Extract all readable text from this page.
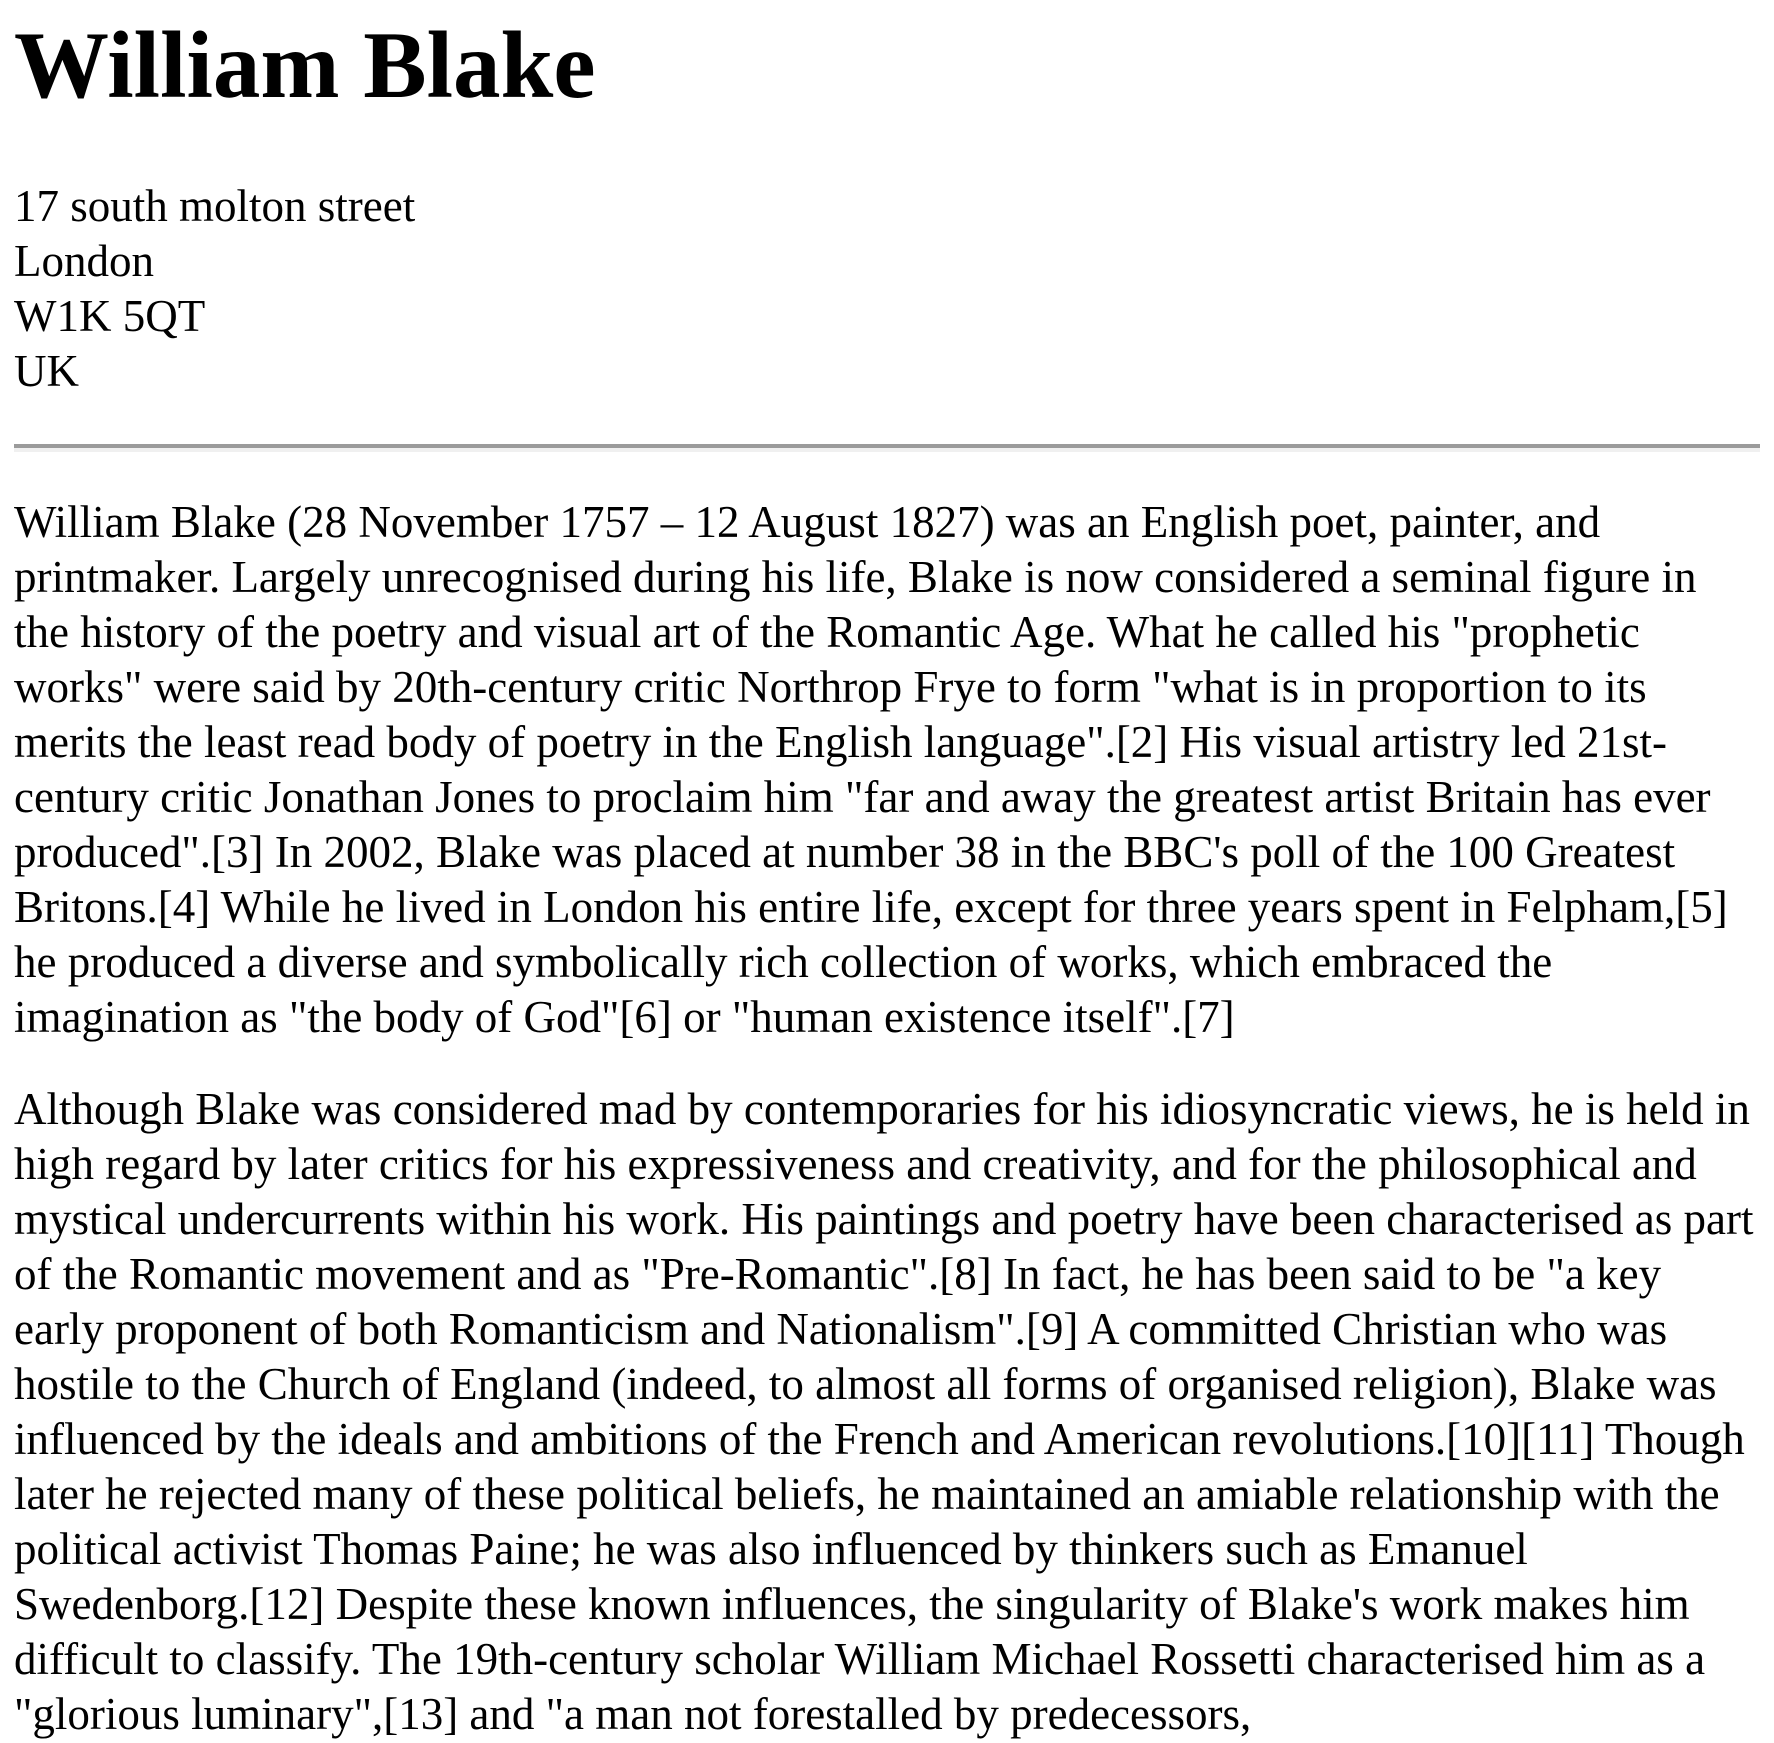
William Blake
17 south molton street
London
W1K 5QT
UK

William Blake (28 November 1757 – 12 August 1827) was an English poet, painter, and printmaker. Largely unrecognised during his life, Blake is now considered a seminal figure in the history of the poetry and visual art of the Romantic Age. What he called his "prophetic works" were said by 20th-century critic Northrop Frye to form "what is in proportion to its merits the least read body of poetry in the English language".[2] His visual artistry led 21st-century critic Jonathan Jones to proclaim him "far and away the greatest artist Britain has ever produced".[3] In 2002, Blake was placed at number 38 in the BBC's poll of the 100 Greatest Britons.[4] While he lived in London his entire life, except for three years spent in Felpham,[5] he produced a diverse and symbolically rich collection of works, which embraced the imagination as "the body of God"[6] or "human existence itself".[7]

Although Blake was considered mad by contemporaries for his idiosyncratic views, he is held in high regard by later critics for his expressiveness and creativity, and for the philosophical and mystical undercurrents within his work. His paintings and poetry have been characterised as part of the Romantic movement and as "Pre-Romantic".[8] In fact, he has been said to be "a key early proponent of both Romanticism and Nationalism".[9] A committed Christian who was hostile to the Church of England (indeed, to almost all forms of organised religion), Blake was influenced by the ideals and ambitions of the French and American revolutions.[10][11] Though later he rejected many of these political beliefs, he maintained an amiable relationship with the political activist Thomas Paine; he was also influenced by thinkers such as Emanuel Swedenborg.[12] Despite these known influences, the singularity of Blake's work makes him difficult to classify. The 19th-century scholar William Michael Rossetti characterised him as a "glorious luminary",[13] and "a man not forestalled by predecessors,
